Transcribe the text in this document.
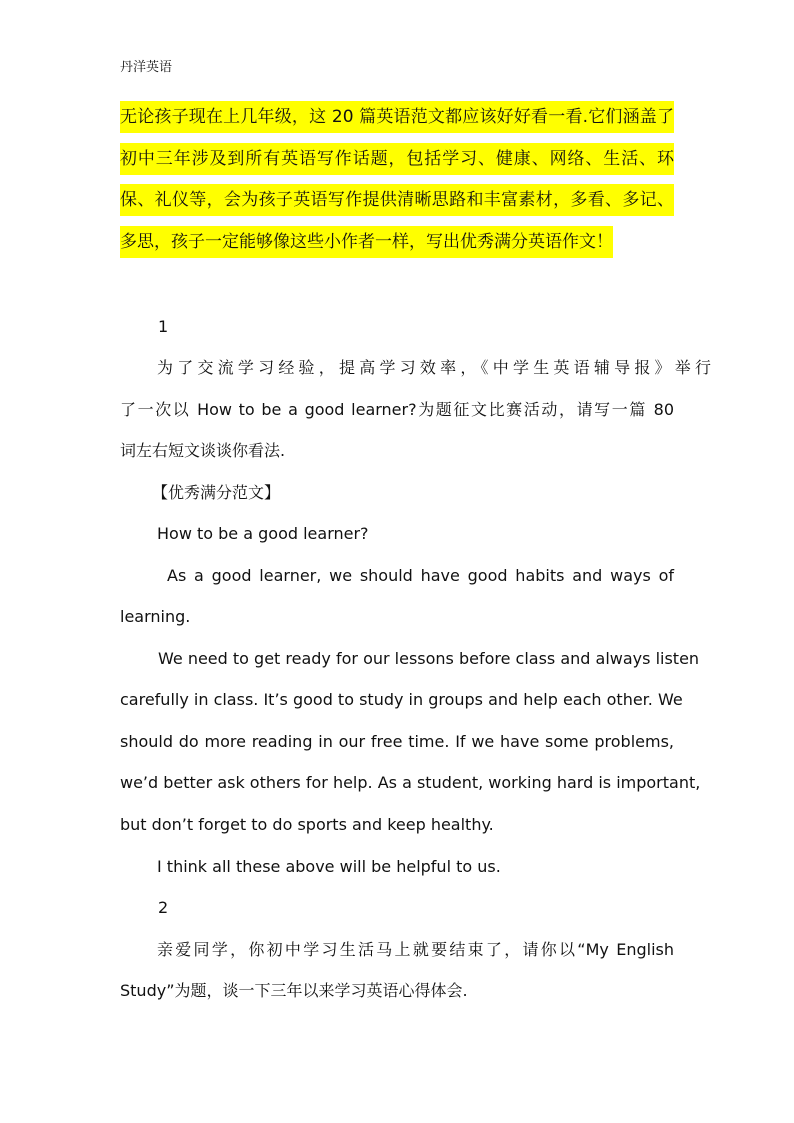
丹洋英语
无论孩子现在上几年级，这 20 篇英语范文都应该好好看一看.它们涵盖了初中三年涉及到所有英语写作话题，包括学习、健康、网络、生活、环保、礼仪等，会为孩子英语写作提供清晰思路和丰富素材，多看、多记、多思，孩子一定能够像这些小作者一样，写出优秀满分英语作文！
1
为了交流学习经验，提高学习效率，《中学生英语辅导报》举行
了一次以 How to be a good learner?为题征文比赛活动，请写一篇 80
词左右短文谈谈你看法.
【优秀满分范文】
How to be a good learner?
As a good learner, we should have good habits and ways of
learning.
We need to get ready for our lessons before class and always listen
carefully in class. It’s good to study in groups and help each other. We
should do more reading in our free time. If we have some problems,
we’d better ask others for help. As a student, working hard is important,
but don’t forget to do sports and keep healthy.
I think all these above will be helpful to us.
2
亲爱同学，你初中学习生活马上就要结束了，请你以“My English
Study”为题，谈一下三年以来学习英语心得体会.
